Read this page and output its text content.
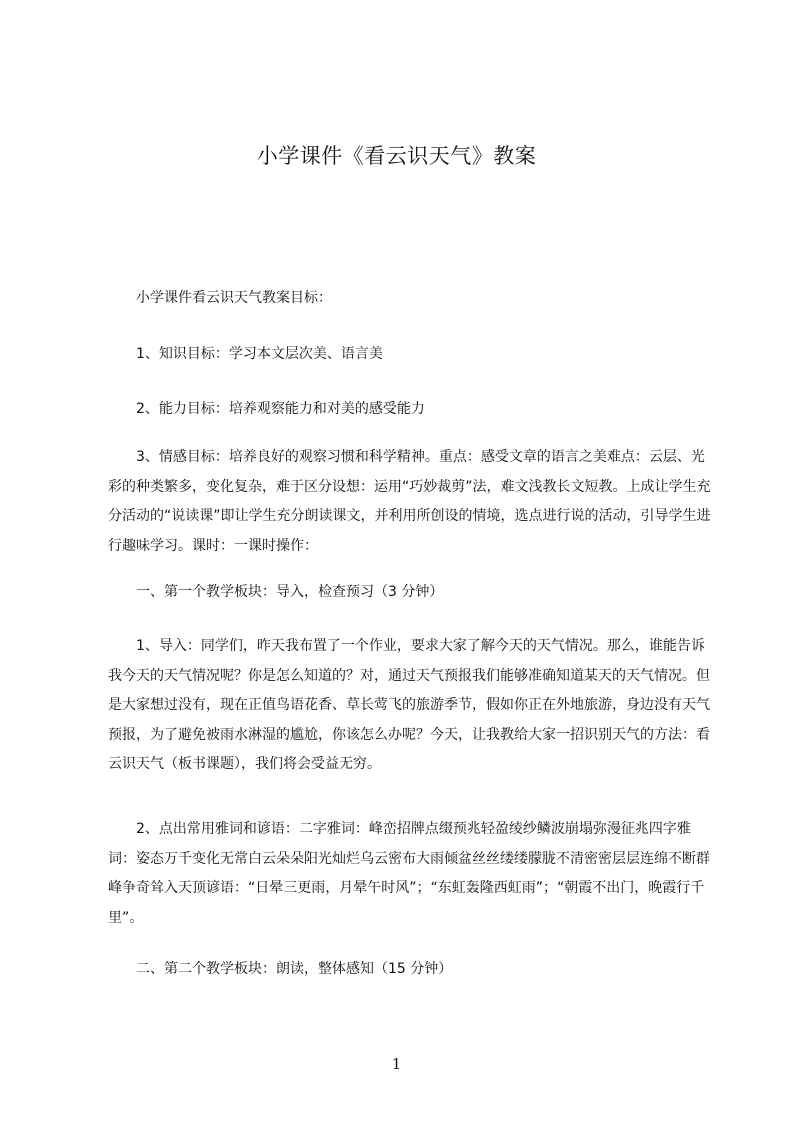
小学课件《看云识天气》教案

小学课件看云识天气教案目标：

1、知识目标：学习本文层次美、语言美

2、能力目标：培养观察能力和对美的感受能力

3、情感目标：培养良好的观察习惯和科学精神。重点：感受文章的语言之美难点：云层、光彩的种类繁多，变化复杂，难于区分设想：运用“巧妙裁剪”法，难文浅教长文短教。上成让学生充分活动的“说读课”即让学生充分朗读课文，并利用所创设的情境，选点进行说的活动，引导学生进行趣味学习。课时：一课时操作：

一、第一个教学板块：导入，检查预习（3 分钟）

1、导入：同学们，昨天我布置了一个作业，要求大家了解今天的天气情况。那么，谁能告诉我今天的天气情况呢？你是怎么知道的？对，通过天气预报我们能够准确知道某天的天气情况。但是大家想过没有，现在正值鸟语花香、草长莺飞的旅游季节，假如你正在外地旅游，身边没有天气预报，为了避免被雨水淋湿的尴尬，你该怎么办呢？今天，让我教给大家一招识别天气的方法：看云识天气（板书课题），我们将会受益无穷。

2、点出常用雅词和谚语：二字雅词：峰峦招牌点缀预兆轻盈绫纱鳞波崩塌弥漫征兆四字雅词：姿态万千变化无常白云朵朵阳光灿烂乌云密布大雨倾盆丝丝缕缕朦胧不清密密层层连绵不断群峰争奇耸入天顶谚语：“日晕三更雨，月晕午时风”；“东虹轰隆西虹雨”；“朝霞不出门，晚霞行千里”。

二、第二个教学板块：朗读，整体感知（15 分钟）

1
